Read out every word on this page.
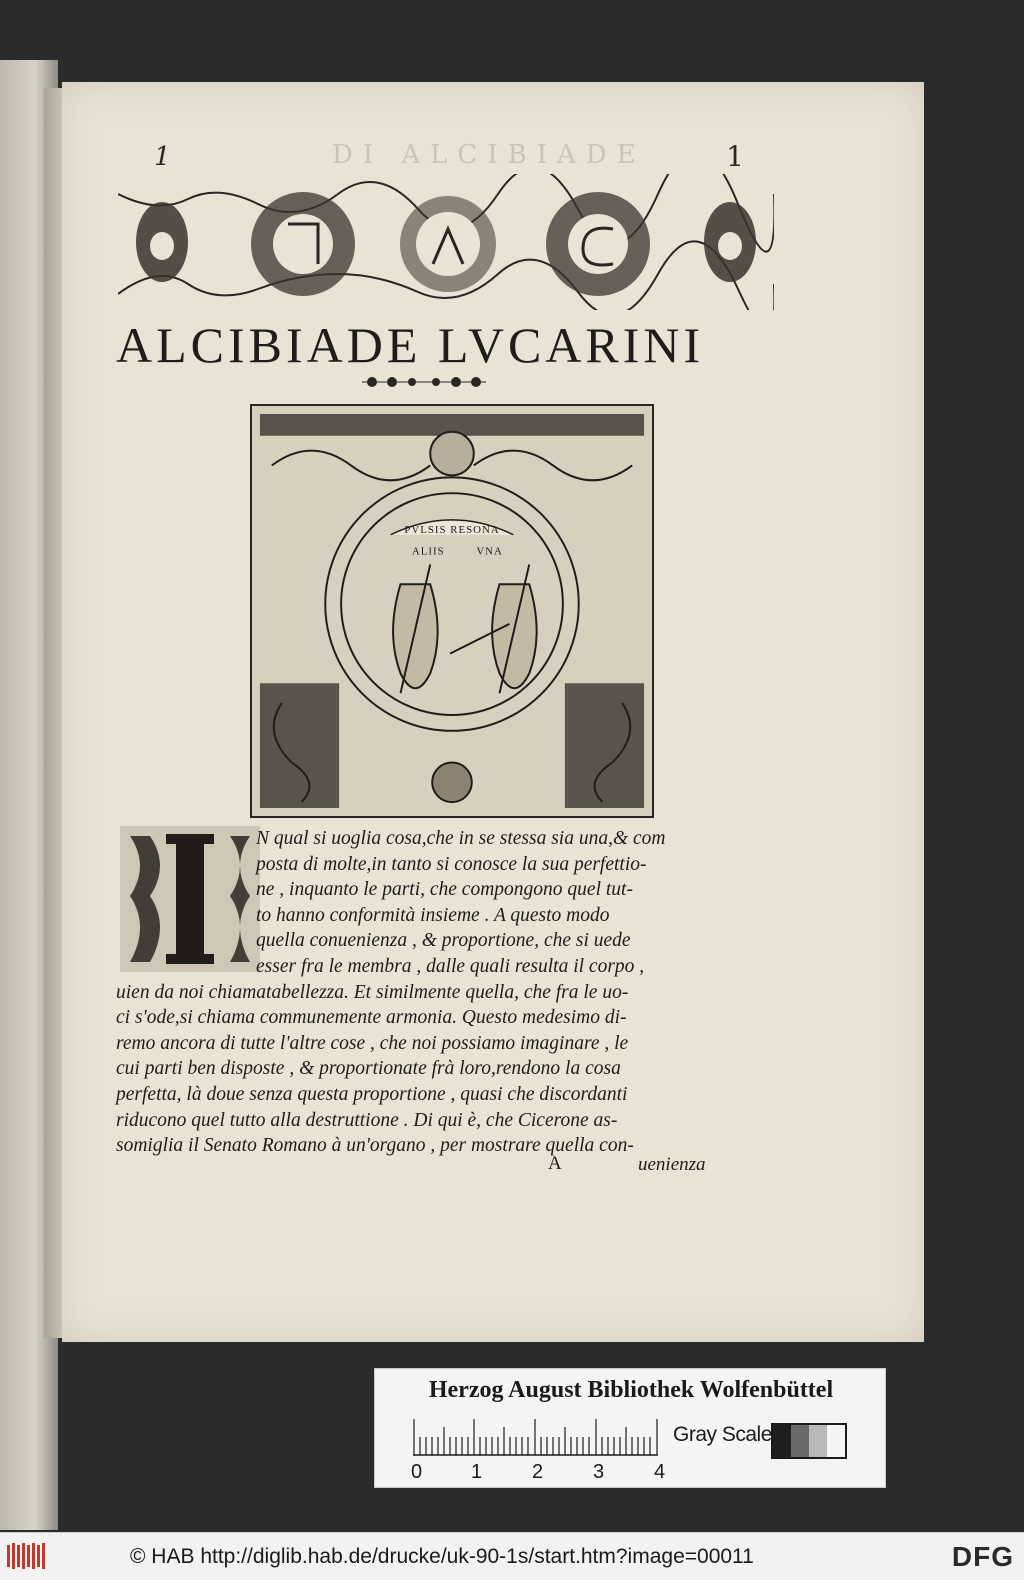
DI ALCIBIADE
1	1
ALCIBIADE LVCARINI
PVLSIS RESONA
ALIIS	VNA
N qual si uoglia cosa,che in se stessa sia una,& com
posta di molte,in tanto si conosce la sua perfettio-
ne , inquanto le parti, che compongono quel tut-
to hanno conformità insieme . A questo modo
quella conuenienza , & proportione, che si uede
esser fra le membra , dalle quali resulta il corpo ,
uien da noi chiamatabellezza. Et similmente quella, che fra le uo-
ci s'ode,si chiama communemente armonia. Questo medesimo di-
remo ancora di tutte l'altre cose , che noi possiamo imaginare , le
cui parti ben disposte , & proportionate frà loro,rendono la cosa
perfetta, là doue senza questa proportione , quasi che discordanti
riducono quel tutto alla destruttione . Di qui è, che Cicerone as-
somiglia il Senato Romano à un'organo , per mostrare quella con-
A	uenienza
Herzog August Bibliothek Wolfenbüttel
0 1 2 3 4
Gray Scale
© HAB http://diglib.hab.de/drucke/uk-90-1s/start.htm?image=00011	DFG
